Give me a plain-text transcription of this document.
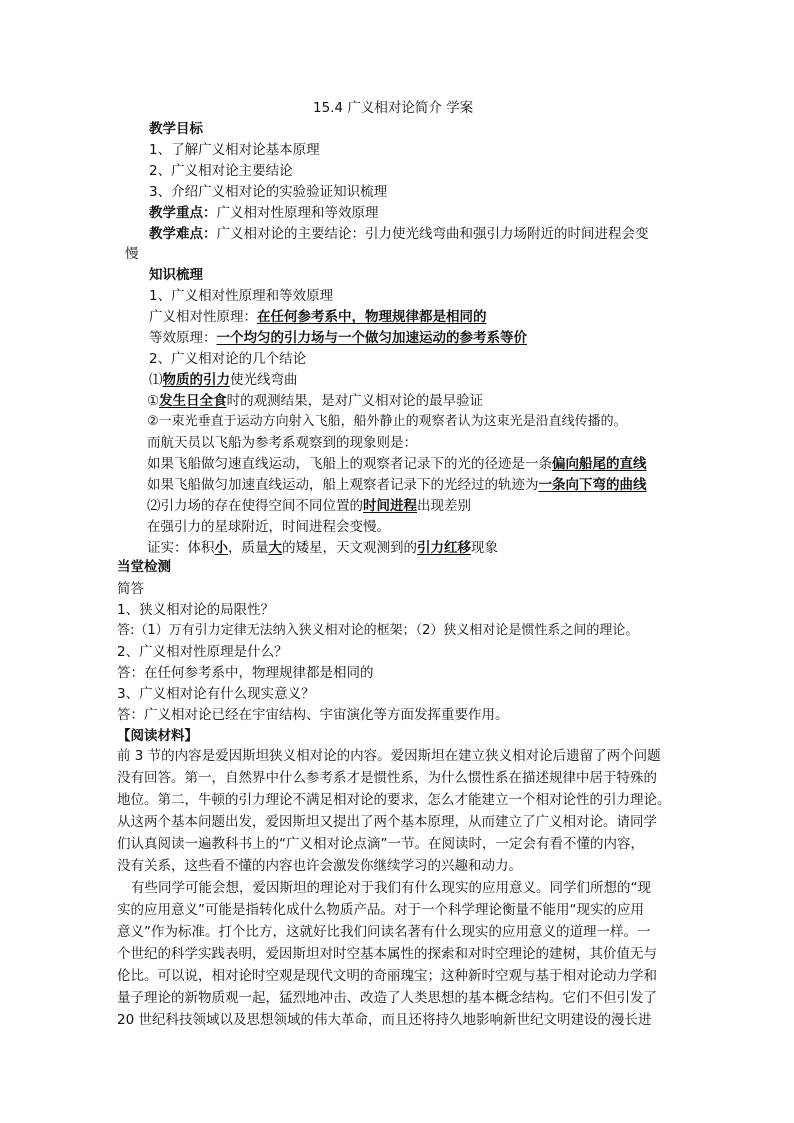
15.4 广义相对论简介 学案
教学目标
1、了解广义相对论基本原理
2、广义相对论主要结论
3、介绍广义相对论的实验验证知识梳理
教学重点：广义相对性原理和等效原理
教学难点：广义相对论的主要结论：引力使光线弯曲和强引力场附近的时间进程会变
慢
知识梳理
1、广义相对性原理和等效原理
广义相对性原理：在任何参考系中，物理规律都是相同的
等效原理：一个均匀的引力场与一个做匀加速运动的参考系等价
2、广义相对论的几个结论
⑴物质的引力使光线弯曲
①发生日全食时的观测结果，是对广义相对论的最早验证
②一束光垂直于运动方向射入飞船，船外静止的观察者认为这束光是沿直线传播的。
而航天员以飞船为参考系观察到的现象则是：
如果飞船做匀速直线运动，飞船上的观察者记录下的光的径迹是一条偏向船尾的直线
如果飞船做匀加速直线运动，船上观察者记录下的光经过的轨迹为一条向下弯的曲线
⑵引力场的存在使得空间不同位置的时间进程出现差别
在强引力的星球附近，时间进程会变慢。
证实：体积小，质量大的矮星，天文观测到的引力红移现象
当堂检测
简答
1、狭义相对论的局限性？
答:（1）万有引力定律无法纳入狭义相对论的框架；（2）狭义相对论是惯性系之间的理论。
2、广义相对性原理是什么？
答：在任何参考系中，物理规律都是相同的
3、广义相对论有什么现实意义？
答：广义相对论已经在宇宙结构、宇宙演化等方面发挥重要作用。
【阅读材料】
前 3 节的内容是爱因斯坦狭义相对论的内容。爱因斯坦在建立狭义相对论后遗留了两个问题
没有回答。第一，自然界中什么参考系才是惯性系，为什么惯性系在描述规律中居于特殊的
地位。第二，牛顿的引力理论不满足相对论的要求，怎么才能建立一个相对论性的引力理论。
从这两个基本问题出发，爱因斯坦又提出了两个基本原理，从而建立了广义相对论。请同学
们认真阅读一遍教科书上的“广义相对论点滴”一节。在阅读时，一定会有看不懂的内容，
没有关系，这些看不懂的内容也许会激发你继续学习的兴趣和动力。
有些同学可能会想，爱因斯坦的理论对于我们有什么现实的应用意义。同学们所想的“现
实的应用意义”可能是指转化成什么物质产品。对于一个科学理论衡量不能用“现实的应用
意义”作为标准。打个比方，这就好比我们问读名著有什么现实的应用意义的道理一样。一
个世纪的科学实践表明，爱因斯坦对时空基本属性的探索和对时空理论的建树，其价值无与
伦比。可以说，相对论时空观是现代文明的奇丽瑰宝；这种新时空观与基于相对论动力学和
量子理论的新物质观一起，猛烈地冲击、改造了人类思想的基本概念结构。它们不但引发了
20 世纪科技领域以及思想领域的伟大革命，而且还将持久地影响新世纪文明建设的漫长进
